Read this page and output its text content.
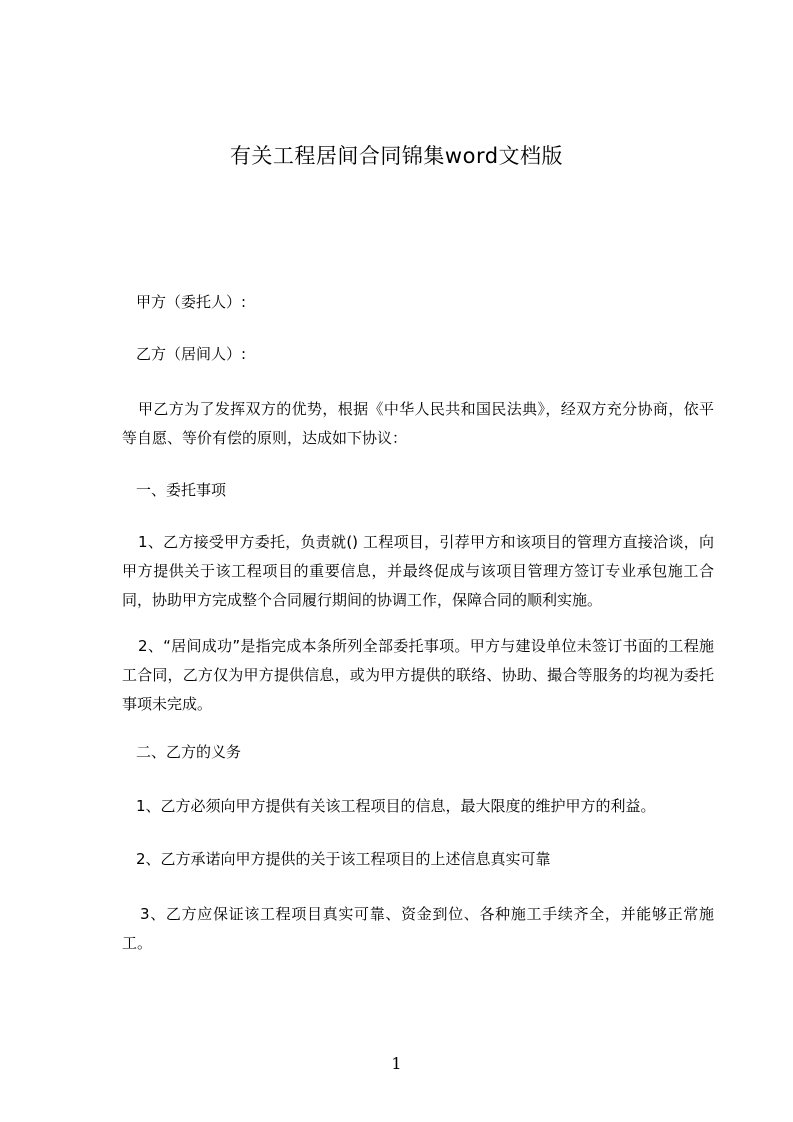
有关工程居间合同锦集word文档版
甲方（委托人）:
乙方（居间人）:
甲乙方为了发挥双方的优势，根据《中华人民共和国民法典》，经双方充分协商，依平等自愿、等价有偿的原则，达成如下协议：
一、委托事项
1、乙方接受甲方委托，负责就() 工程项目，引荐甲方和该项目的管理方直接洽谈，向甲方提供关于该工程项目的重要信息，并最终促成与该项目管理方签订专业承包施工合同，协助甲方完成整个合同履行期间的协调工作，保障合同的顺利实施。
2、“居间成功”是指完成本条所列全部委托事项。甲方与建设单位未签订书面的工程施工合同，乙方仅为甲方提供信息，或为甲方提供的联络、协助、撮合等服务的均视为委托事项未完成。
二、乙方的义务
1、乙方必须向甲方提供有关该工程项目的信息，最大限度的维护甲方的利益。
2、乙方承诺向甲方提供的关于该工程项目的上述信息真实可靠
3、乙方应保证该工程项目真实可靠、资金到位、各种施工手续齐全，并能够正常施工。
1
